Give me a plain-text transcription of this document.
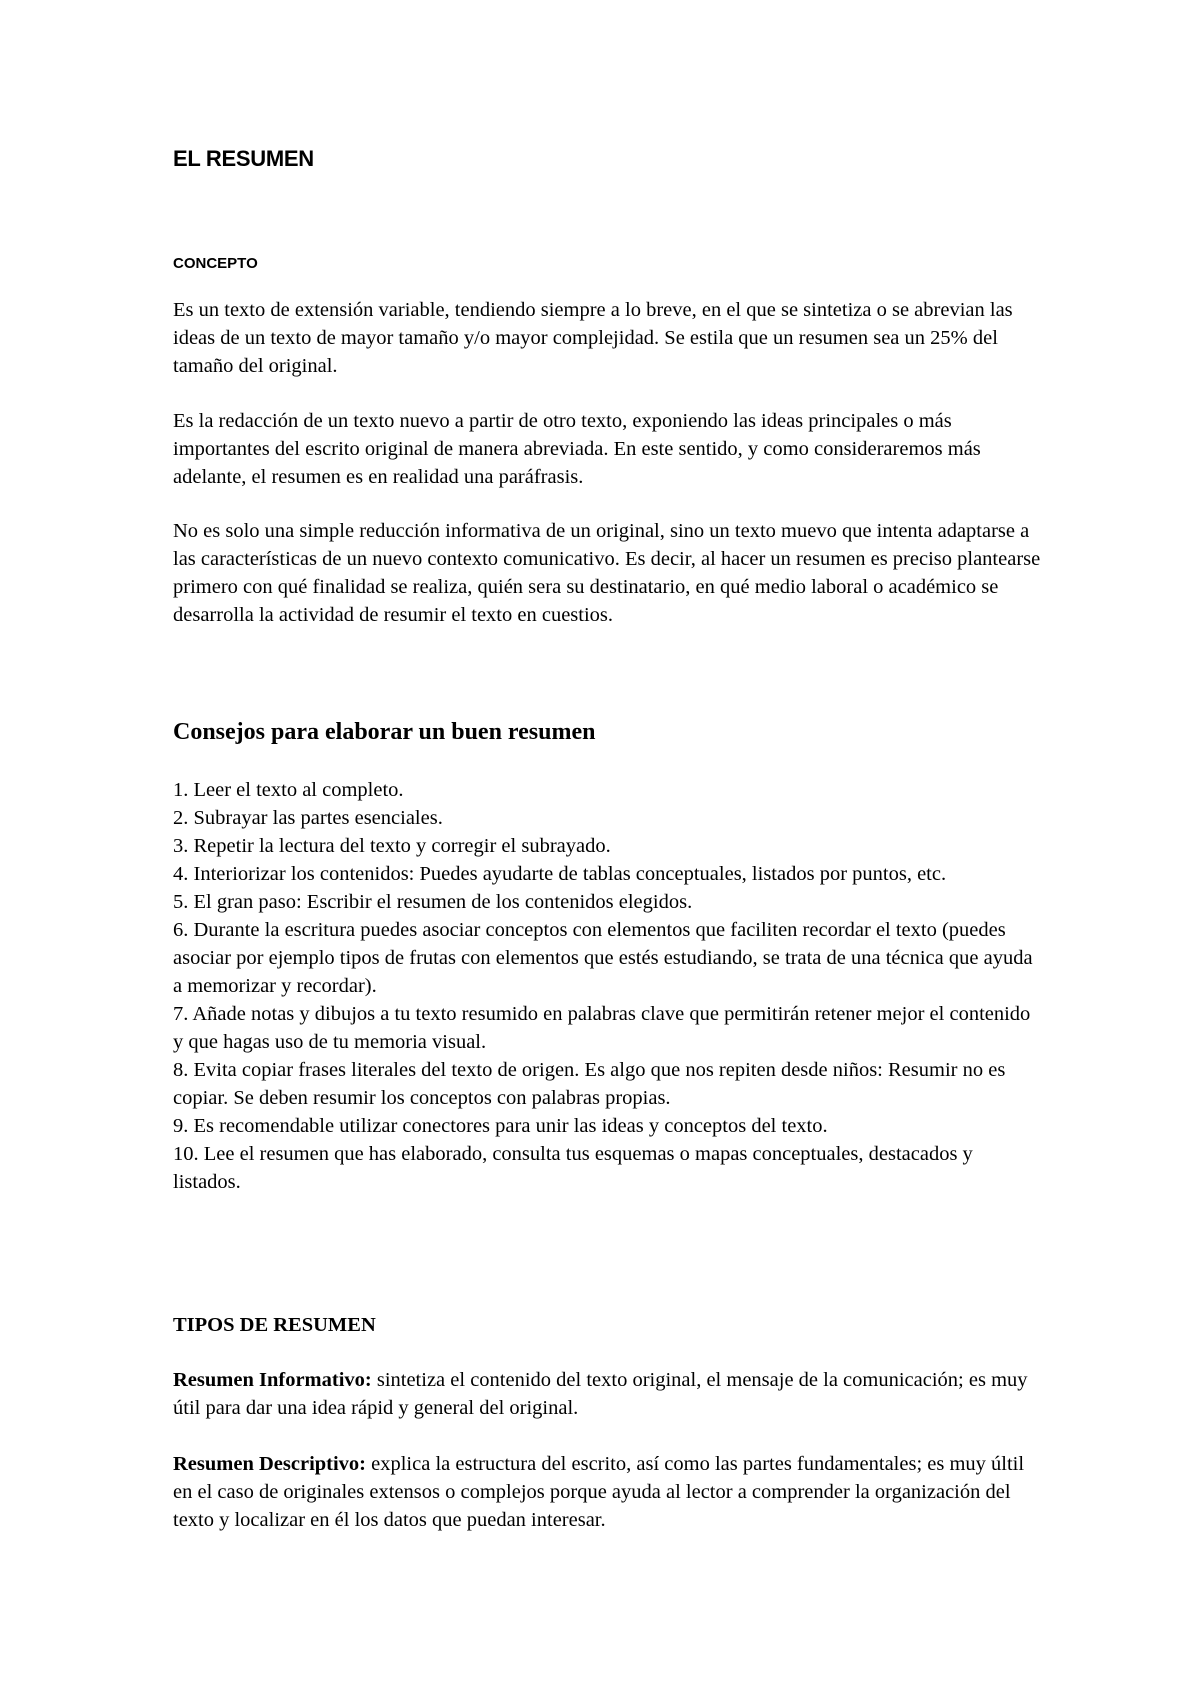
EL RESUMEN
CONCEPTO

Es un texto de extensión variable, tendiendo siempre a lo breve, en el que se sintetiza o se abrevian las ideas de un texto de mayor tamaño y/o mayor complejidad. Se estila que un resumen sea un 25% del tamaño del original.

Es la redacción de un texto nuevo a partir de otro texto, exponiendo las ideas principales o más importantes del escrito original de manera abreviada. En este sentido, y como consideraremos más adelante, el resumen es en realidad una paráfrasis.

No es solo una simple reducción informativa de un original, sino un texto muevo que intenta adaptarse a las características de un nuevo contexto comunicativo. Es decir, al hacer un resumen es preciso plantearse primero con qué finalidad se realiza, quién sera su destinatario, en qué medio laboral o académico se desarrolla la actividad de resumir el texto en cuestios.

Consejos para elaborar un buen resumen
1. Leer el texto al completo.
2. Subrayar las partes esenciales.
3. Repetir la lectura del texto y corregir el subrayado.
4. Interiorizar los contenidos: Puedes ayudarte de tablas conceptuales, listados por puntos, etc.
5. El gran paso: Escribir el resumen de los contenidos elegidos.
6. Durante la escritura puedes asociar conceptos con elementos que faciliten recordar el texto (puedes asociar por ejemplo tipos de frutas con elementos que estés estudiando, se trata de una técnica que ayuda a memorizar y recordar).
7. Añade notas y dibujos a tu texto resumido en palabras clave que permitirán retener mejor el contenido y que hagas uso de tu memoria visual.
8. Evita copiar frases literales del texto de origen. Es algo que nos repiten desde niños: Resumir no es copiar. Se deben resumir los conceptos con palabras propias.
9. Es recomendable utilizar conectores para unir las ideas y conceptos del texto.
10. Lee el resumen que has elaborado, consulta tus esquemas o mapas conceptuales, destacados y listados.
TIPOS DE RESUMEN

Resumen Informativo: sintetiza el contenido del texto original, el mensaje de la comunicación; es muy útil para dar una idea rápid y general del original.

Resumen Descriptivo: explica la estructura del escrito, así como las partes fundamentales; es muy últil en el caso de originales extensos o complejos porque ayuda al lector a comprender la organización del texto y localizar en él los datos que puedan interesar.
